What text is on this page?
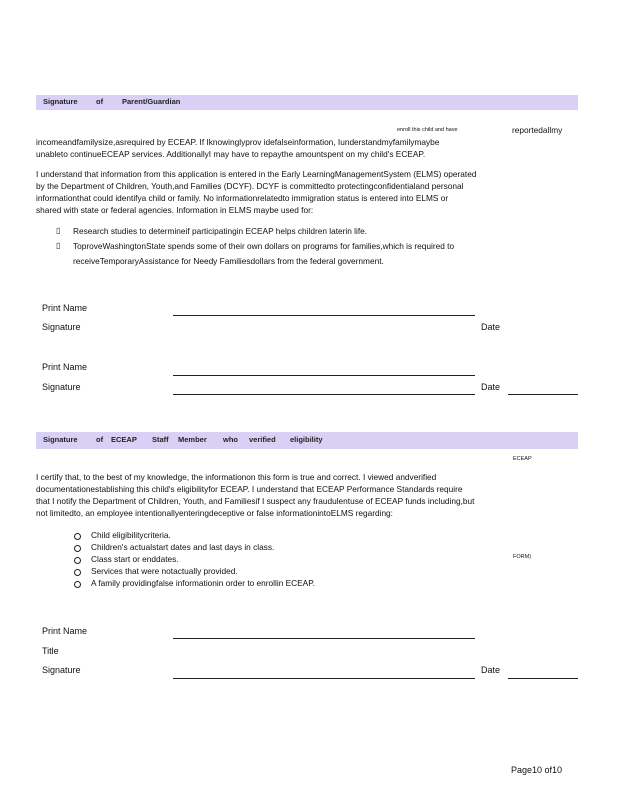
Signature of	Parent/Guardian
enroll this child and have	reportedallmy
incomeandfamilysize,asrequired by ECEAP. If Iknowinglyprov idefalseinformation, Iunderstandmyfamilymaybe
unableto continueECEAP services. AdditionallyI may have to repaythe amountspent on my child's ECEAP.
I understand that information from this application is entered in the Early LearningManagementSystem (ELMS) operated
by the Department of Children, Youth,and Families (DCYF). DCYF is committedto protectingconfidentialand personal
informationthat could identifya child or family. No informationrelatedto immigration status is entered into ELMS or
shared with state or federal agencies. Information in ELMS maybe used for:
▯ Research studies to determineif participatingin ECEAP helps children laterin life.
▯ ToproveWashingtonState spends some of their own dollars on programs for families,which is required to
receiveTemporaryAssistance for Needy Familiesdollars from the federal government.
Print Name
Signature	Date
Print Name
Signature	Date
Signature of ECEAP Staff Member who verified eligibility
ECEAP
I certify that, to the best of my knowledge, the informationon this form is true and correct. I viewed andverified
documentationestablishing this child's eligibilityfor ECEAP. I understand that ECEAP Performance Standards require
that I notify the Department of Children, Youth, and Familiesif I suspect any fraudulentuse of ECEAP funds including,but
not limitedto, an employee intentionallyenteringdeceptive or false informationintoELMS regarding:
Child eligibilitycriteria.
Children's actualstart dates and last days in class.
Class start or enddates.
Services that were notactually provided.
A family providingfalse informationin order to enrollin ECEAP.
FORM)
Print Name
Title
Signature	Date
Page10 of10
